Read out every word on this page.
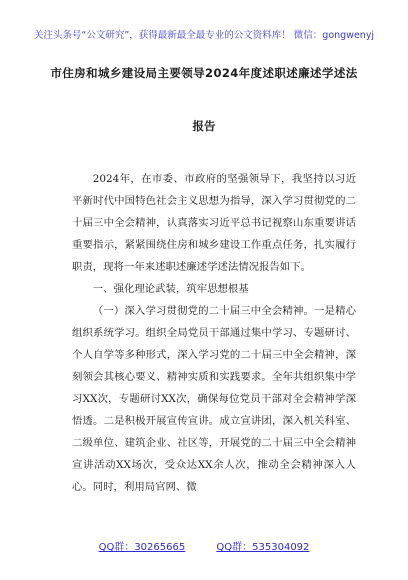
关注头条号“公文研究”，获得最新最全最专业的公文资料库！ 微信：gongwenyj
市住房和城乡建设局主要领导2024年度述职述廉述学述法
报告

2024年，在市委、市政府的坚强领导下，我坚持以习近平新时代中国特色社会主义思想为指导，深入学习贯彻党的二十届三中全会精神，认真落实习近平总书记视察山东重要讲话重要指示，紧紧围绕住房和城乡建设工作重点任务，扎实履行职责，现将一年来述职述廉述学述法情况报告如下。

一、强化理论武装，筑牢思想根基

（一）深入学习贯彻党的二十届三中全会精神。一是精心组织系统学习。组织全局党员干部通过集中学习、专题研讨、个人自学等多种形式，深入学习党的二十届三中全会精神，深刻领会其核心要义、精神实质和实践要求。全年共组织集中学习XX次，专题研讨XX次，确保每位党员干部对全会精神学深悟透。二是积极开展宣传宣讲。成立宣讲团，深入机关科室、二级单位、建筑企业、社区等，开展党的二十届三中全会精神宣讲活动XX场次，受众达XX余人次，推动全会精神深入人心。同时，利用局官网、微

QQ群：30265665	QQ群：535304092
